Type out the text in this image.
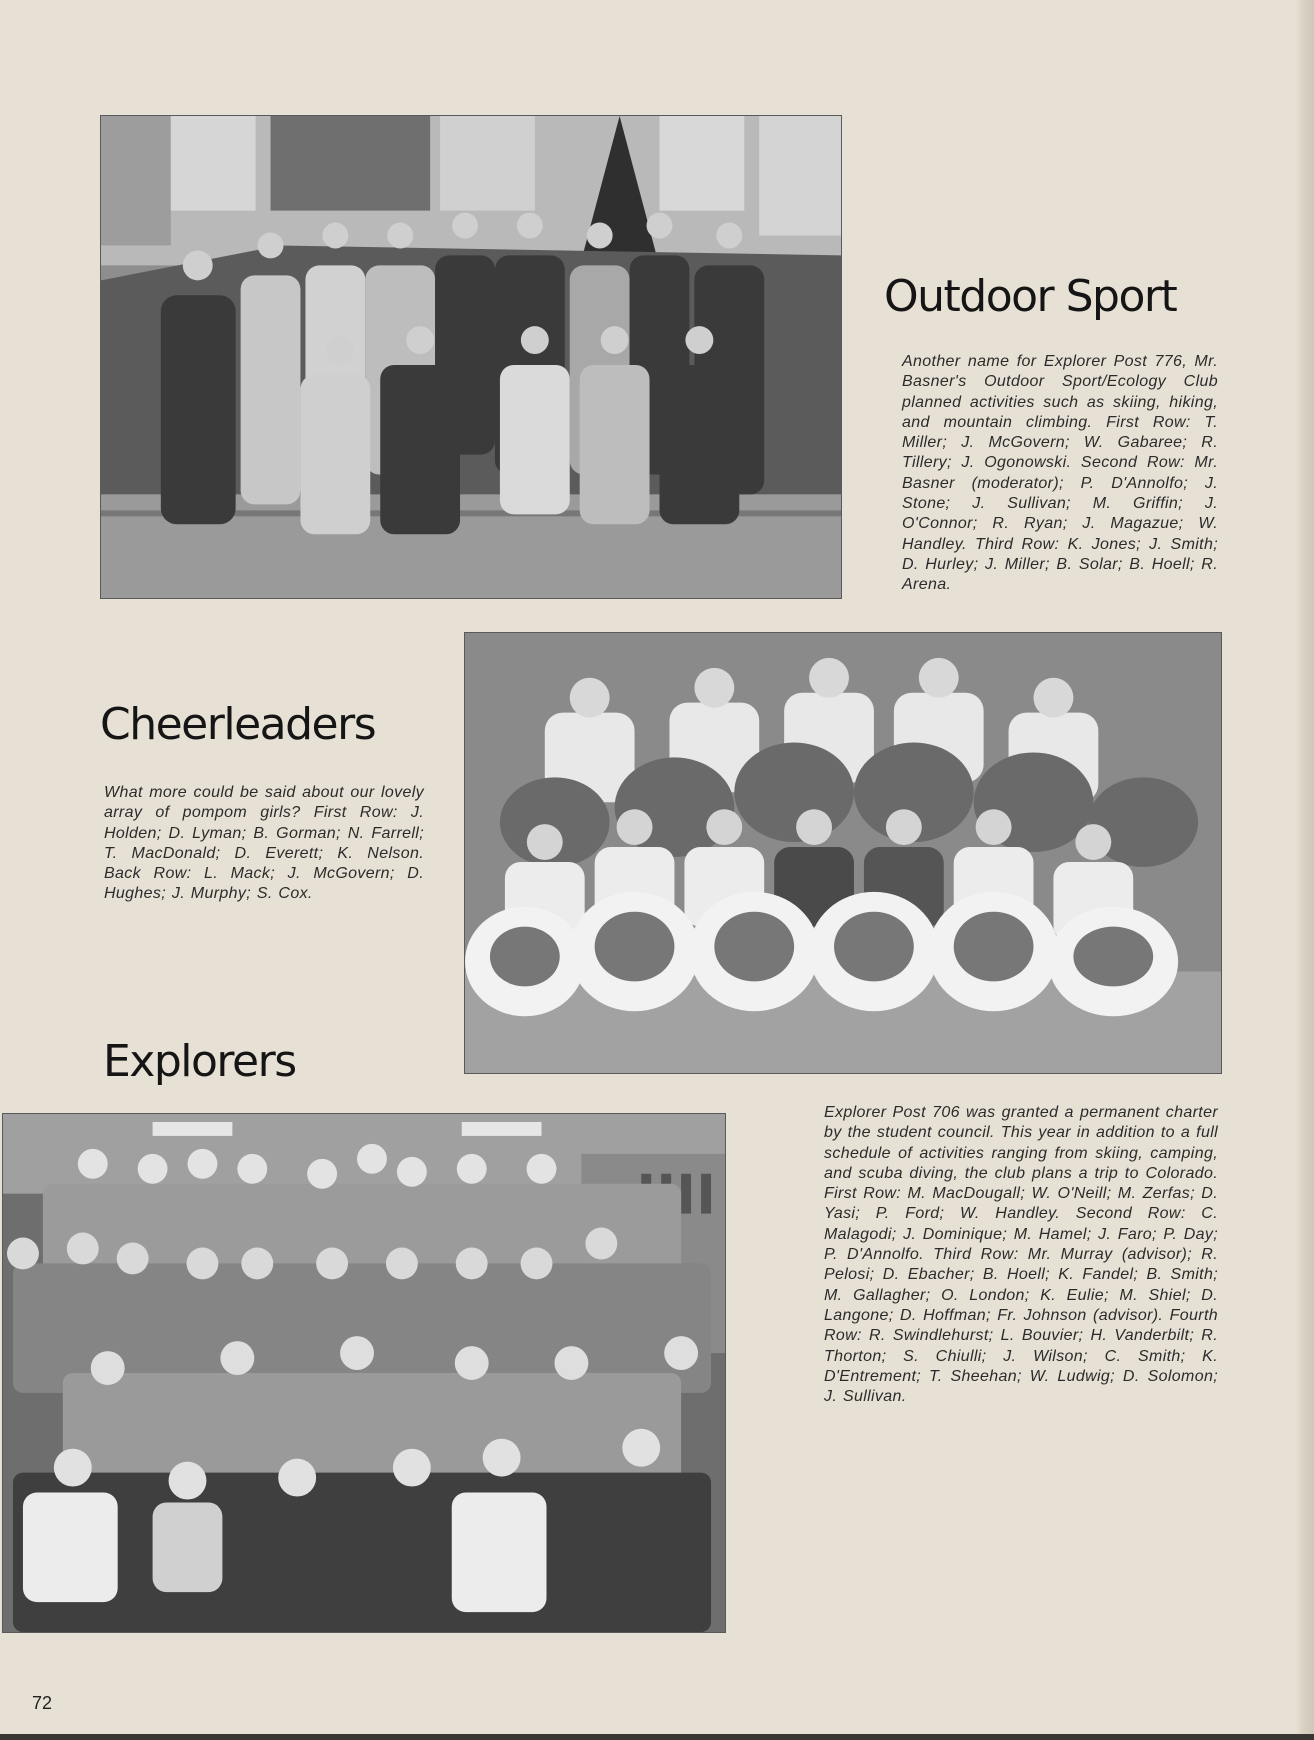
Outdoor Sport

Another name for Explorer Post 776, Mr. Basner's Outdoor Sport/Ecology Club planned activities such as skiing, hiking, and mountain climbing. First Row: T. Miller; J. McGovern; W. Gabaree; R. Tillery; J. Ogonowski. Second Row: Mr. Basner (moderator); P. D'Annolfo; J. Stone; J. Sullivan; M. Griffin; J. O'Connor; R. Ryan; J. Magazue; W. Handley. Third Row: K. Jones; J. Smith; D. Hurley; J. Miller; B. Solar; B. Hoell; R. Arena.

Cheerleaders

What more could be said about our lovely array of pompom girls? First Row: J. Holden; D. Lyman; B. Gorman; N. Farrell; T. MacDonald; D. Everett; K. Nelson. Back Row: L. Mack; J. McGovern; D. Hughes; J. Murphy; S. Cox.

Explorers

Explorer Post 706 was granted a permanent charter by the student council. This year in addition to a full schedule of activities ranging from skiing, camping, and scuba diving, the club plans a trip to Colorado. First Row: M. MacDougall; W. O'Neill; M. Zerfas; D. Yasi; P. Ford; W. Handley. Second Row: C. Malagodi; J. Dominique; M. Hamel; J. Faro; P. Day; P. D'Annolfo. Third Row: Mr. Murray (advisor); R. Pelosi; D. Ebacher; B. Hoell; K. Fandel; B. Smith; M. Gallagher; O. London; K. Eulie; M. Shiel; D. Langone; D. Hoffman; Fr. Johnson (advisor). Fourth Row: R. Swindlehurst; L. Bouvier; H. Vanderbilt; R. Thorton; S. Chiulli; J. Wilson; C. Smith; K. D'Entrement; T. Sheehan; W. Ludwig; D. Solomon; J. Sullivan.

72
